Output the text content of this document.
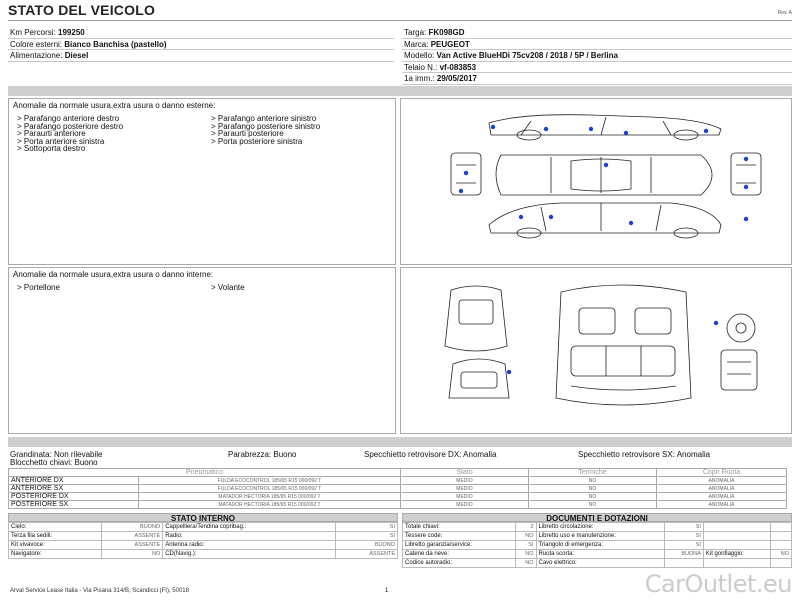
STATO DEL VEICOLO	Rev. A
Km Percorsi: 199250
Colore esterni: Bianco Banchisa (pastello)
Alimentazione: Diesel
Targa: FK098GD
Marca: PEUGEOT
Modello: Van Active BlueHDi 75cv208 / 2018 / 5P / Berlina
Telaio N.: vf-083853
1a imm.: 29/05/2017
Anomalie da normale usura,extra usura o danno esterne:
> Parafango anteriore destro
> Parafango posteriore destro
> Paraurti anteriore
> Porta anteriore sinistra
> Sottoporta destro
> Parafango anteriore sinistro
> Parafango posteriore sinistro
> Paraurti posteriore
> Porta posteriore sinistra
Anomalie da normale usura,extra usura o danno interne:
> Portellone	> Volante
Grandinata: Non rilevabile	Parabrezza: Buono	Specchietto retrovisore DX: Anomalia	Specchietto retrovisore SX: Anomalia
Blocchetto chiavi: Buono
Pneumatico		Stato	Termiche	Copri Ruota
ANTERIORE DX	FULDA ECOCONTROL 185/65 R15 000/092 T	MEDIO	NO	ANOMALIA
ANTERIORE SX	FULDA ECOCONTROL 185/65 R15 000/092 T	MEDIO	NO	ANOMALIA
POSTERIORE DX	MATADOR HECTORIA 185/65 R15 000/092 T	MEDIO	NO	ANOMALIA
POSTERIORE SX	MATADOR HECTORIA 185/65 R15 000/092 T	MEDIO	NO	ANOMALIA
STATO INTERNO	DOCUMENTI E DOTAZIONI
Cielo:	BUONO	Cappelliera/Tendina copribag.:	SI
Terza fila sedili:	ASSENTE	Radio:	SI
Kit vivavoce:	ASSENTE	Antenna radio:	BUONO
Navigatore:	NO	CD(Navig.):	ASSENTE
Totale chiavi:	2	Libretto circolazione:	SI		
Tessere code:	NO	Libretto uso e manutenzione:	SI		
Libretto garanzia/service:	SI	Triangolo di emergenza:	SI		
Catene da neve:	NO	Ruota scorta:	BUONA	Kit gonfiaggio:	NO
Codice autoradio:	NO	Cavo elettrico:			
Arval Service Lease Italia - Via Pisana 314/B, Scandicci (FI), 50018	1	CarOutlet.eu
